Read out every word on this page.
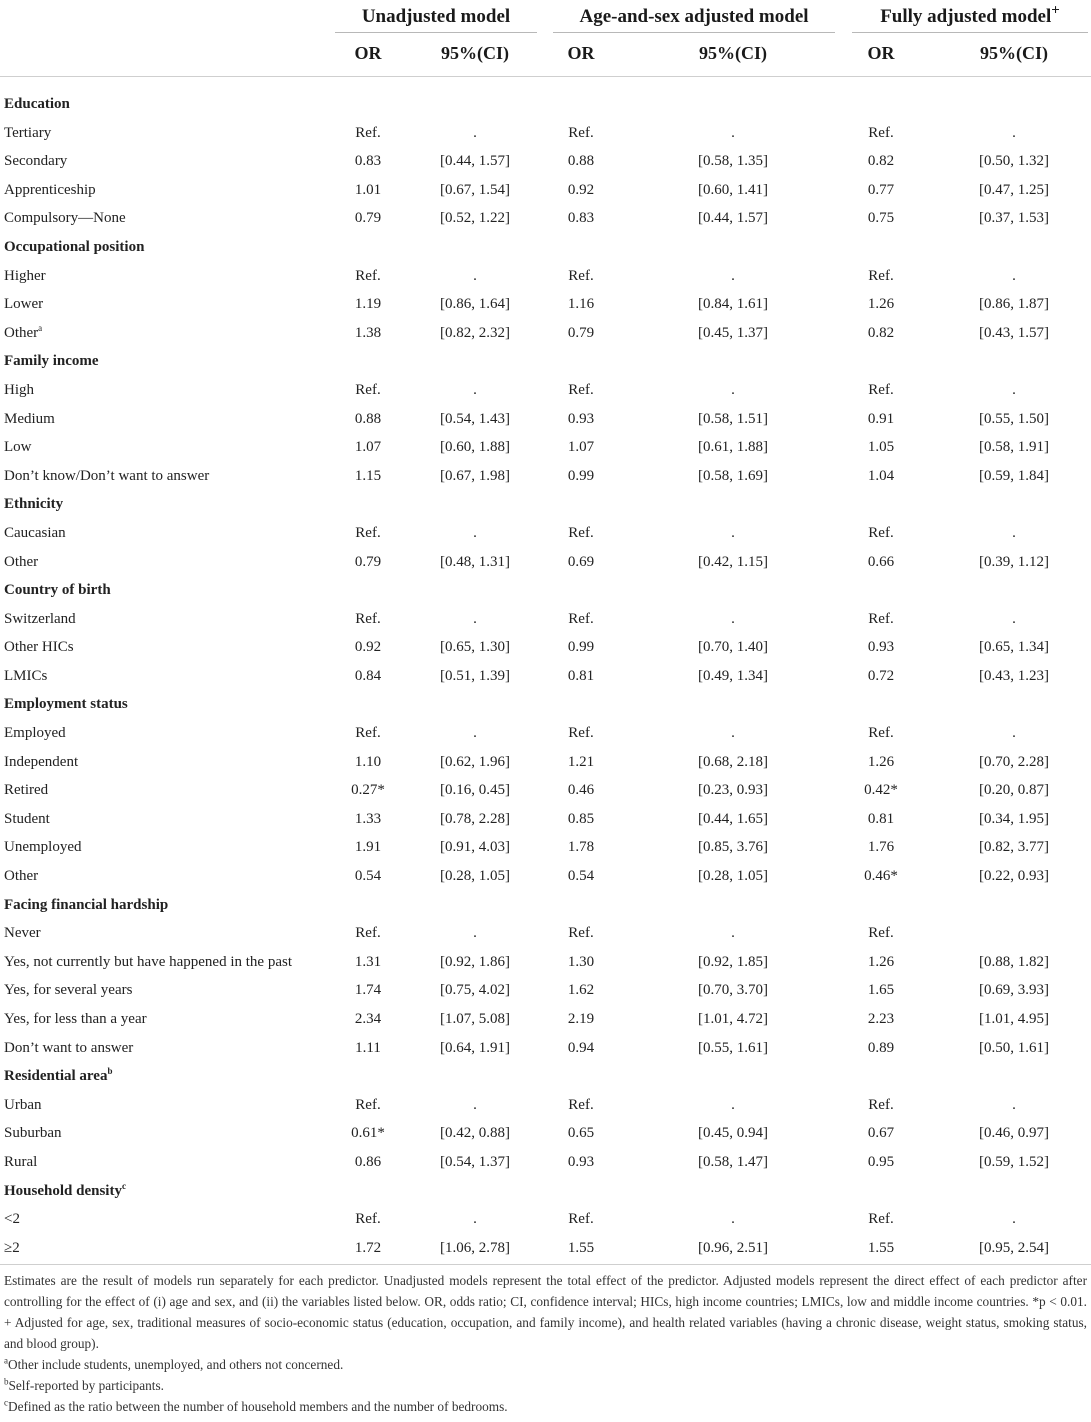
Unadjusted model	Age-and-sex adjusted model	Fully adjusted model+
OR	95%(CI)	OR	95%(CI)	OR	95%(CI)
Education
Tertiary	Ref.	.	Ref.	.	Ref.	.
Secondary	0.83	[0.44, 1.57]	0.88	[0.58, 1.35]	0.82	[0.50, 1.32]
Apprenticeship	1.01	[0.67, 1.54]	0.92	[0.60, 1.41]	0.77	[0.47, 1.25]
Compulsory—None	0.79	[0.52, 1.22]	0.83	[0.44, 1.57]	0.75	[0.37, 1.53]
Occupational position
Higher	Ref.	.	Ref.	.	Ref.	.
Lower	1.19	[0.86, 1.64]	1.16	[0.84, 1.61]	1.26	[0.86, 1.87]
Other$^a$	1.38	[0.82, 2.32]	0.79	[0.45, 1.37]	0.82	[0.43, 1.57]
Family income
High	Ref.	.	Ref.	.	Ref.	.
Medium	0.88	[0.54, 1.43]	0.93	[0.58, 1.51]	0.91	[0.55, 1.50]
Low	1.07	[0.60, 1.88]	1.07	[0.61, 1.88]	1.05	[0.58, 1.91]
Don’t know/Don’t want to answer	1.15	[0.67, 1.98]	0.99	[0.58, 1.69]	1.04	[0.59, 1.84]
Ethnicity
Caucasian	Ref.	.	Ref.	.	Ref.	.
Other	0.79	[0.48, 1.31]	0.69	[0.42, 1.15]	0.66	[0.39, 1.12]
Country of birth
Switzerland	Ref.	.	Ref.	.	Ref.	.
Other HICs	0.92	[0.65, 1.30]	0.99	[0.70, 1.40]	0.93	[0.65, 1.34]
LMICs	0.84	[0.51, 1.39]	0.81	[0.49, 1.34]	0.72	[0.43, 1.23]
Employment status
Employed	Ref.	.	Ref.	.	Ref.	.
Independent	1.10	[0.62, 1.96]	1.21	[0.68, 2.18]	1.26	[0.70, 2.28]
Retired	0.27*	[0.16, 0.45]	0.46	[0.23, 0.93]	0.42*	[0.20, 0.87]
Student	1.33	[0.78, 2.28]	0.85	[0.44, 1.65]	0.81	[0.34, 1.95]
Unemployed	1.91	[0.91, 4.03]	1.78	[0.85, 3.76]	1.76	[0.82, 3.77]
Other	0.54	[0.28, 1.05]	0.54	[0.28, 1.05]	0.46*	[0.22, 0.93]
Facing financial hardship
Never	Ref.	.	Ref.	.	Ref.
Yes, not currently but have happened in the past	1.31	[0.92, 1.86]	1.30	[0.92, 1.85]	1.26	[0.88, 1.82]
Yes, for several years	1.74	[0.75, 4.02]	1.62	[0.70, 3.70]	1.65	[0.69, 3.93]
Yes, for less than a year	2.34	[1.07, 5.08]	2.19	[1.01, 4.72]	2.23	[1.01, 4.95]
Don’t want to answer	1.11	[0.64, 1.91]	0.94	[0.55, 1.61]	0.89	[0.50, 1.61]
Residential area$^b$
Urban	Ref.	.	Ref.	.	Ref.	.
Suburban	0.61*	[0.42, 0.88]	0.65	[0.45, 0.94]	0.67	[0.46, 0.97]
Rural	0.86	[0.54, 1.37]	0.93	[0.58, 1.47]	0.95	[0.59, 1.52]
Household density$^c$
<2	Ref.	.	Ref.	.	Ref.	.
≥2	1.72	[1.06, 2.78]	1.55	[0.96, 2.51]	1.55	[0.95, 2.54]

Estimates are the result of models run separately for each predictor. Unadjusted models represent the total effect of the predictor. Adjusted models represent the direct effect of each predictor after controlling for the effect of (i) age and sex, and (ii) the variables listed below. OR, odds ratio; CI, confidence interval; HICs, high income countries; LMICs, low and middle income countries. *p < 0.01. + Adjusted for age, sex, traditional measures of socio-economic status (education, occupation, and family income), and health related variables (having a chronic disease, weight status, smoking status, and blood group).

$^a$Other include students, unemployed, and others not concerned.

$^b$Self-reported by participants.

$^c$Defined as the ratio between the number of household members and the number of bedrooms.
